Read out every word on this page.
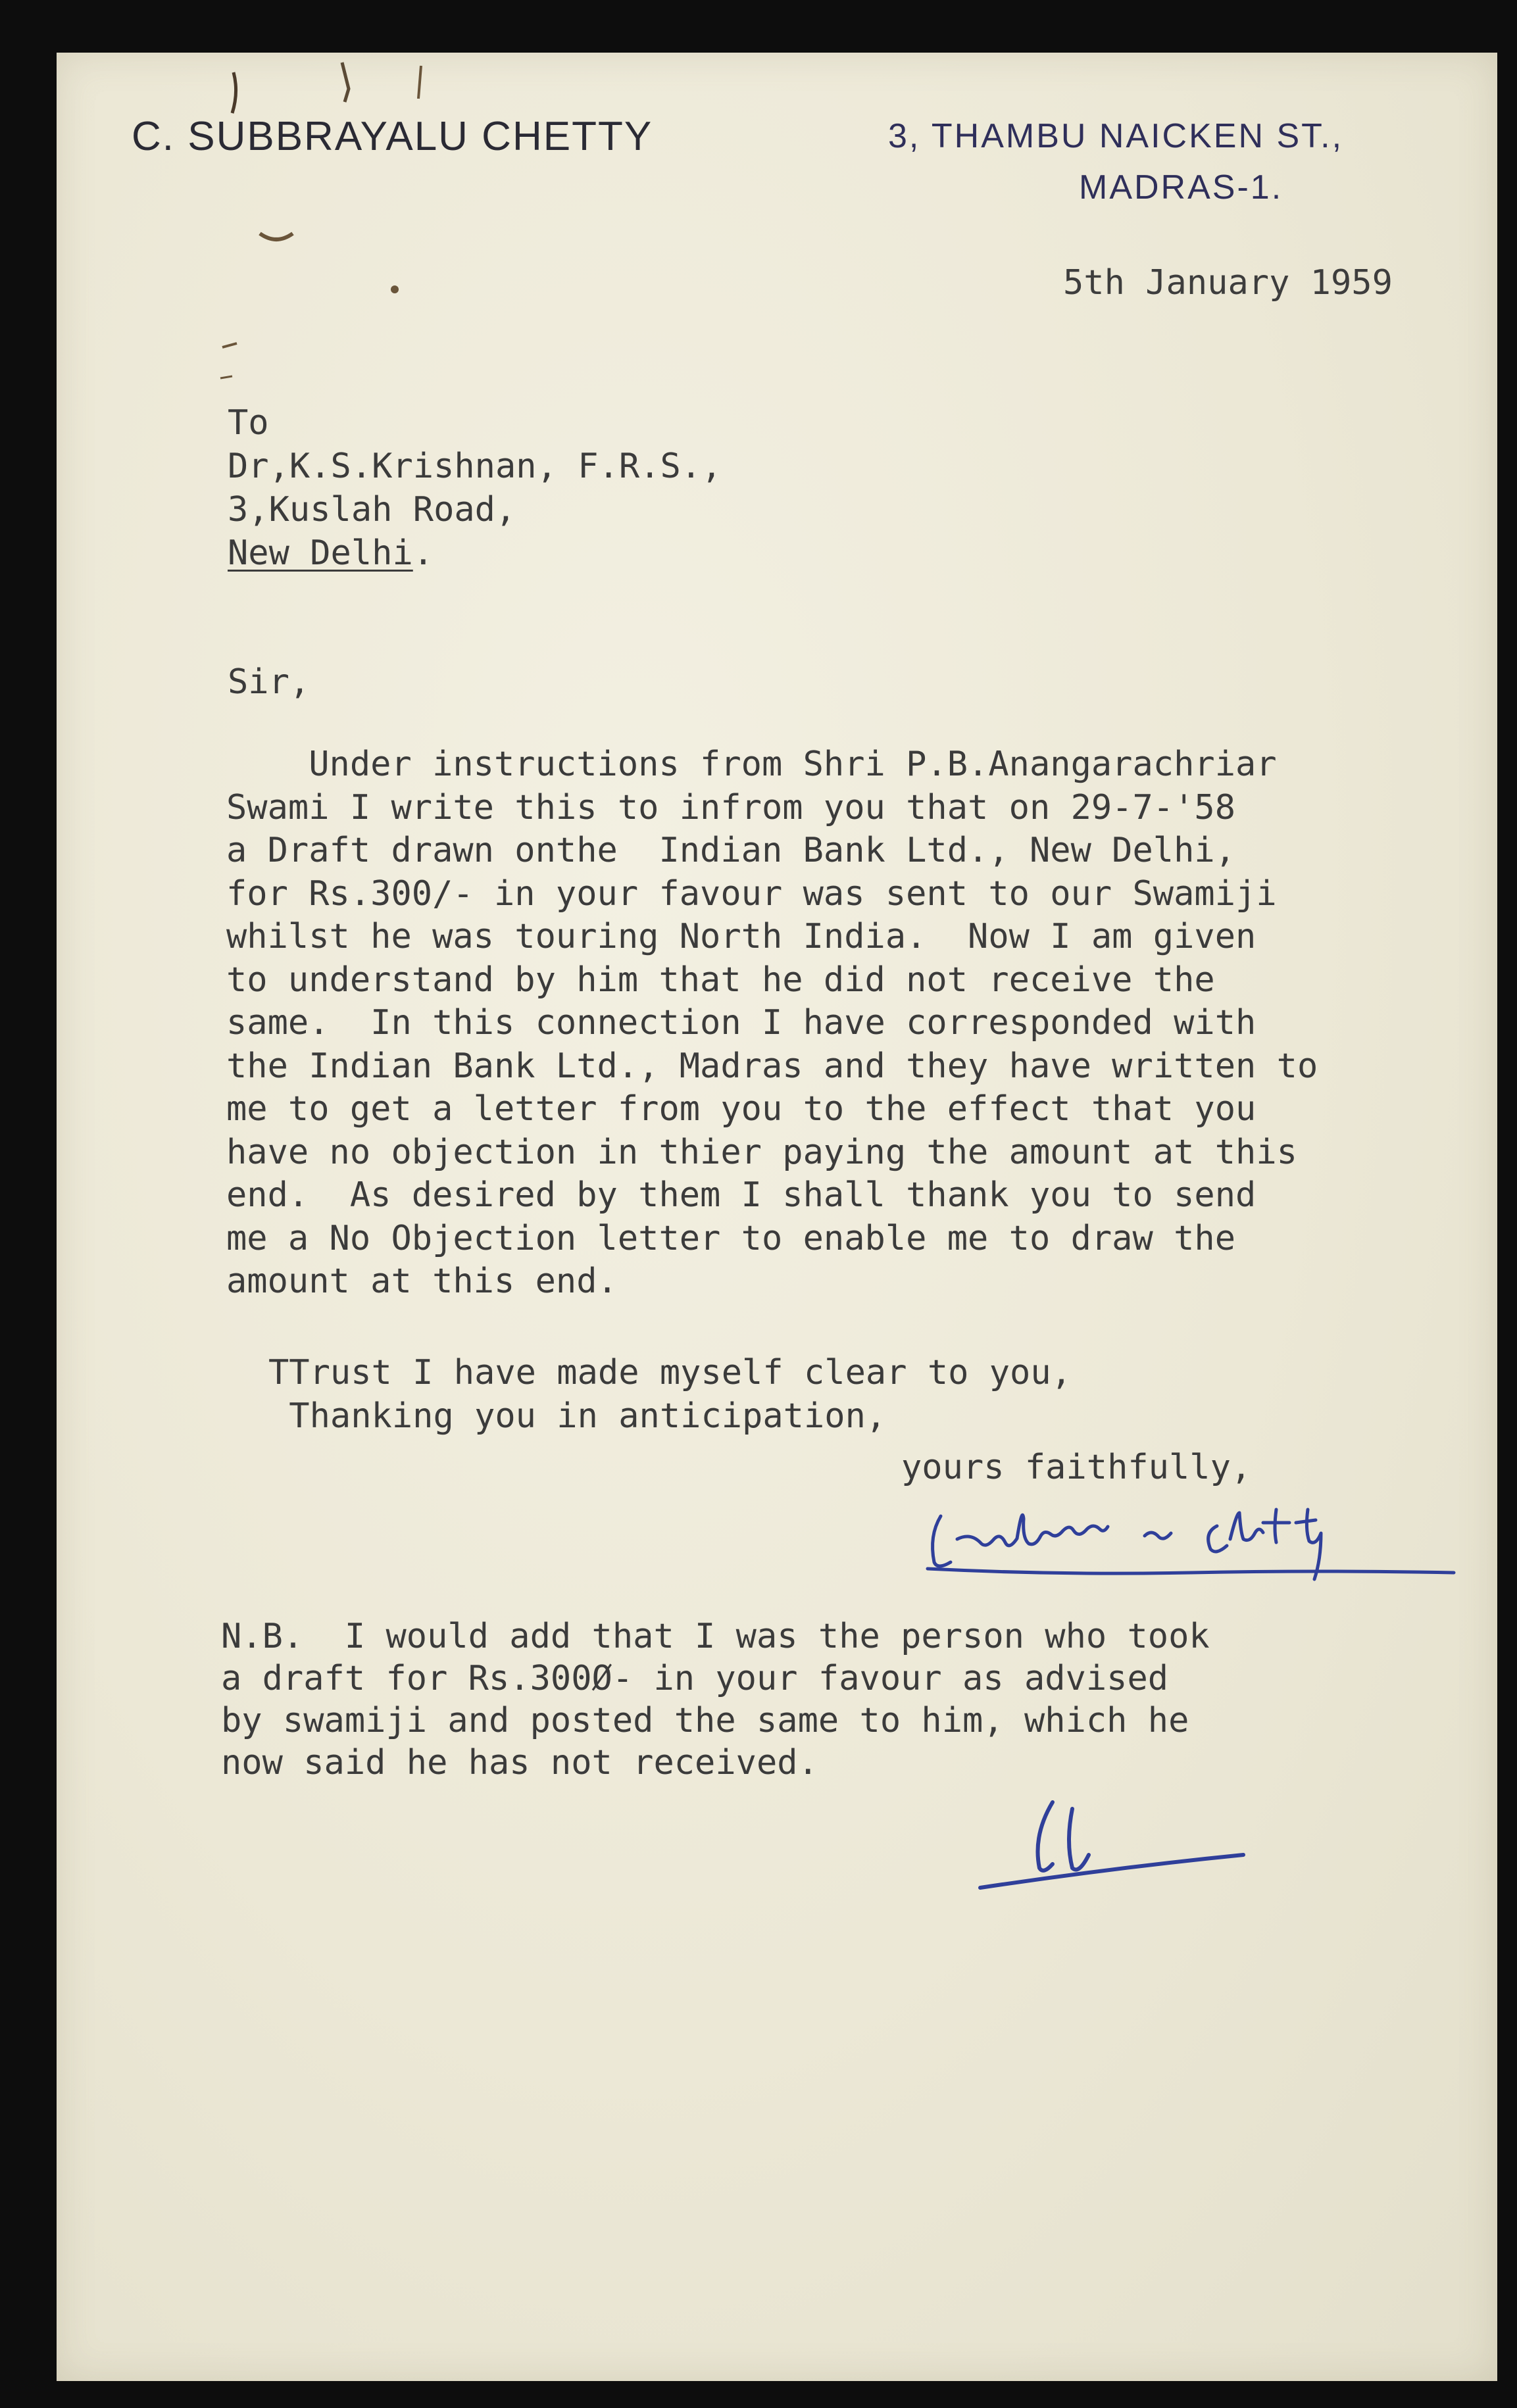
C. SUBBRAYALU CHETTY	3, THAMBU NAICKEN ST.,
MADRAS-1.
5th January 1959
To
Dr,K.S.Krishnan, F.R.S.,
3,Kuslah Road,
New Delhi.
Sir,
Under instructions from Shri P.B.Anangarachriar
Swami I write this to infrom you that on 29-7-'58
a Draft drawn onthe  Indian Bank Ltd., New Delhi,
for Rs.300/- in your favour was sent to our Swamiji
whilst he was touring North India.  Now I am given
to understand by him that he did not receive the
same.  In this connection I have corresponded with
the Indian Bank Ltd., Madras and they have written to
me to get a letter from you to the effect that you
have no objection in thier paying the amount at this
end.  As desired by them I shall thank you to send
me a No Objection letter to enable me to draw the
amount at this end.
TTrust I have made myself clear to you,
Thanking you in anticipation,
yours faithfully,
N.B.  I would add that I was the person who took
a draft for Rs.300Ø- in your favour as advised
by swamiji and posted the same to him, which he
now said he has not received.
